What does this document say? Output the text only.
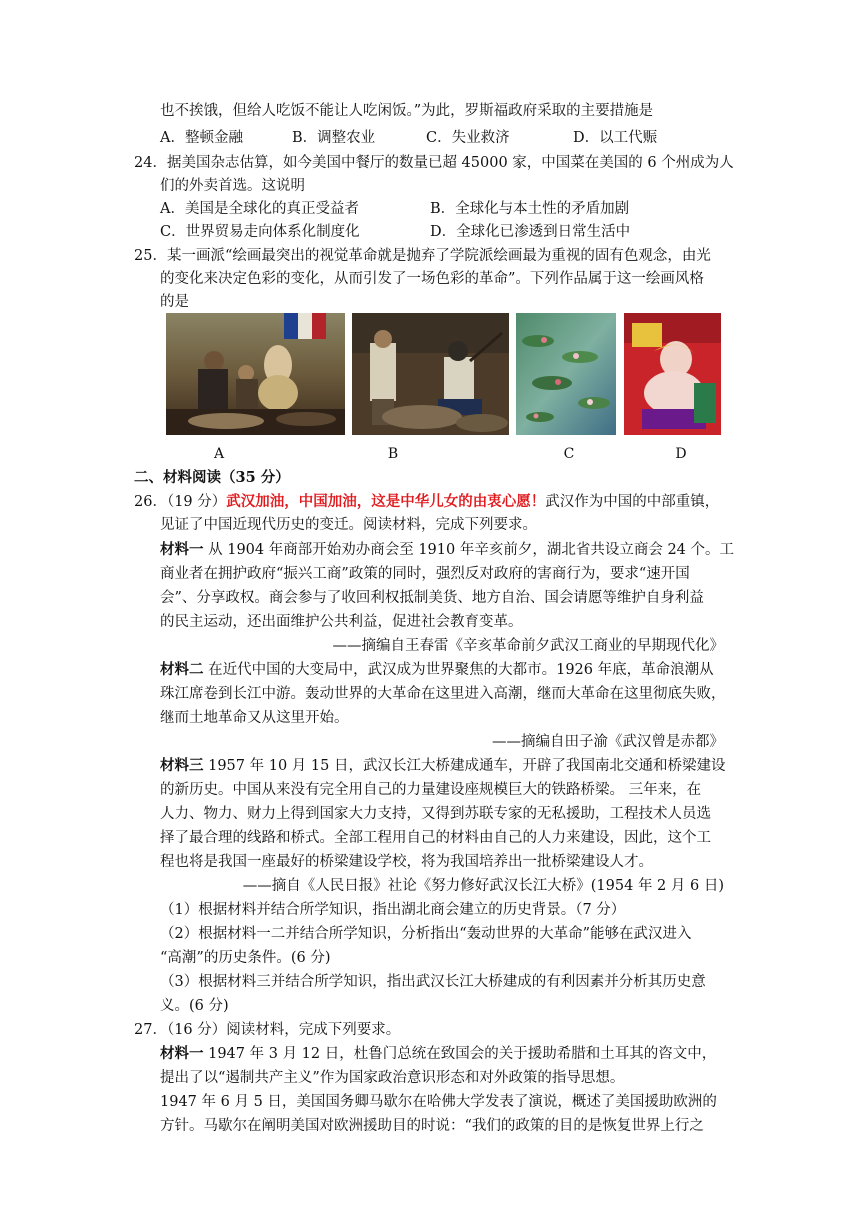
也不挨饿，但给人吃饭不能让人吃闲饭。”为此，罗斯福政府采取的主要措施是
A．整顿金融	B．调整农业	C．失业救济	D．以工代赈
24．据美国杂志估算，如今美国中餐厅的数量已超 45000 家，中国菜在美国的 6 个州成为人
们的外卖首选。这说明
A．美国是全球化的真正受益者	B．全球化与本土性的矛盾加剧
C．世界贸易走向体系化制度化	D．全球化已渗透到日常生活中
25．某一画派“绘画最突出的视觉革命就是抛弃了学院派绘画最为重视的固有色观念，由光
的变化来决定色彩的变化，从而引发了一场色彩的革命”。下列作品属于这一绘画风格
的是
A	B	C	D
二、材料阅读（35 分）
26．（19 分）武汉加油，中国加油，这是中华儿女的由衷心愿！武汉作为中国的中部重镇，
见证了中国近现代历史的变迁。阅读材料，完成下列要求。
材料一 从 1904 年商部开始劝办商会至 1910 年辛亥前夕，湖北省共设立商会 24 个。工
商业者在拥护政府“振兴工商”政策的同时，强烈反对政府的害商行为，要求“速开国
会”、分享政权。商会参与了收回利权抵制美货、地方自治、国会请愿等维护自身利益
的民主运动，还出面维护公共利益，促进社会教育变革。
——摘编自王春雷《辛亥革命前夕武汉工商业的早期现代化》
材料二 在近代中国的大变局中，武汉成为世界聚焦的大都市。1926 年底，革命浪潮从
珠江席卷到长江中游。轰动世界的大革命在这里进入高潮，继而大革命在这里彻底失败，
继而土地革命又从这里开始。
——摘编自田子渝《武汉曾是赤都》
材料三 1957 年 10 月 15 日，武汉长江大桥建成通车，开辟了我国南北交通和桥梁建设
的新历史。中国从来没有完全用自己的力量建设座规模巨大的铁路桥梁。 三年来，在
人力、物力、财力上得到国家大力支持，又得到苏联专家的无私援助，工程技术人员选
择了最合理的线路和桥式。全部工程用自己的材料由自己的人力来建设，因此，这个工
程也将是我国一座最好的桥梁建设学校，将为我国培养出一批桥梁建设人才。
——摘自《人民日报》社论《努力修好武汉长江大桥》(1954 年 2 月 6 日)
（1）根据材料并结合所学知识，指出湖北商会建立的历史背景。（7 分）
（2）根据材料一二并结合所学知识，分析指出“轰动世界的大革命”能够在武汉进入
“高潮”的历史条件。(6 分)
（3）根据材料三并结合所学知识，指出武汉长江大桥建成的有利因素并分析其历史意
义。(6 分)
27．（16 分）阅读材料，完成下列要求。
材料一 1947 年 3 月 12 日，杜鲁门总统在致国会的关于援助希腊和土耳其的咨文中，
提出了以“遏制共产主义”作为国家政治意识形态和对外政策的指导思想。
1947 年 6 月 5 日，美国国务卿马歇尔在哈佛大学发表了演说，概述了美国援助欧洲的
方针。马歇尔在阐明美国对欧洲援助目的时说：“我们的政策的目的是恢复世界上行之
